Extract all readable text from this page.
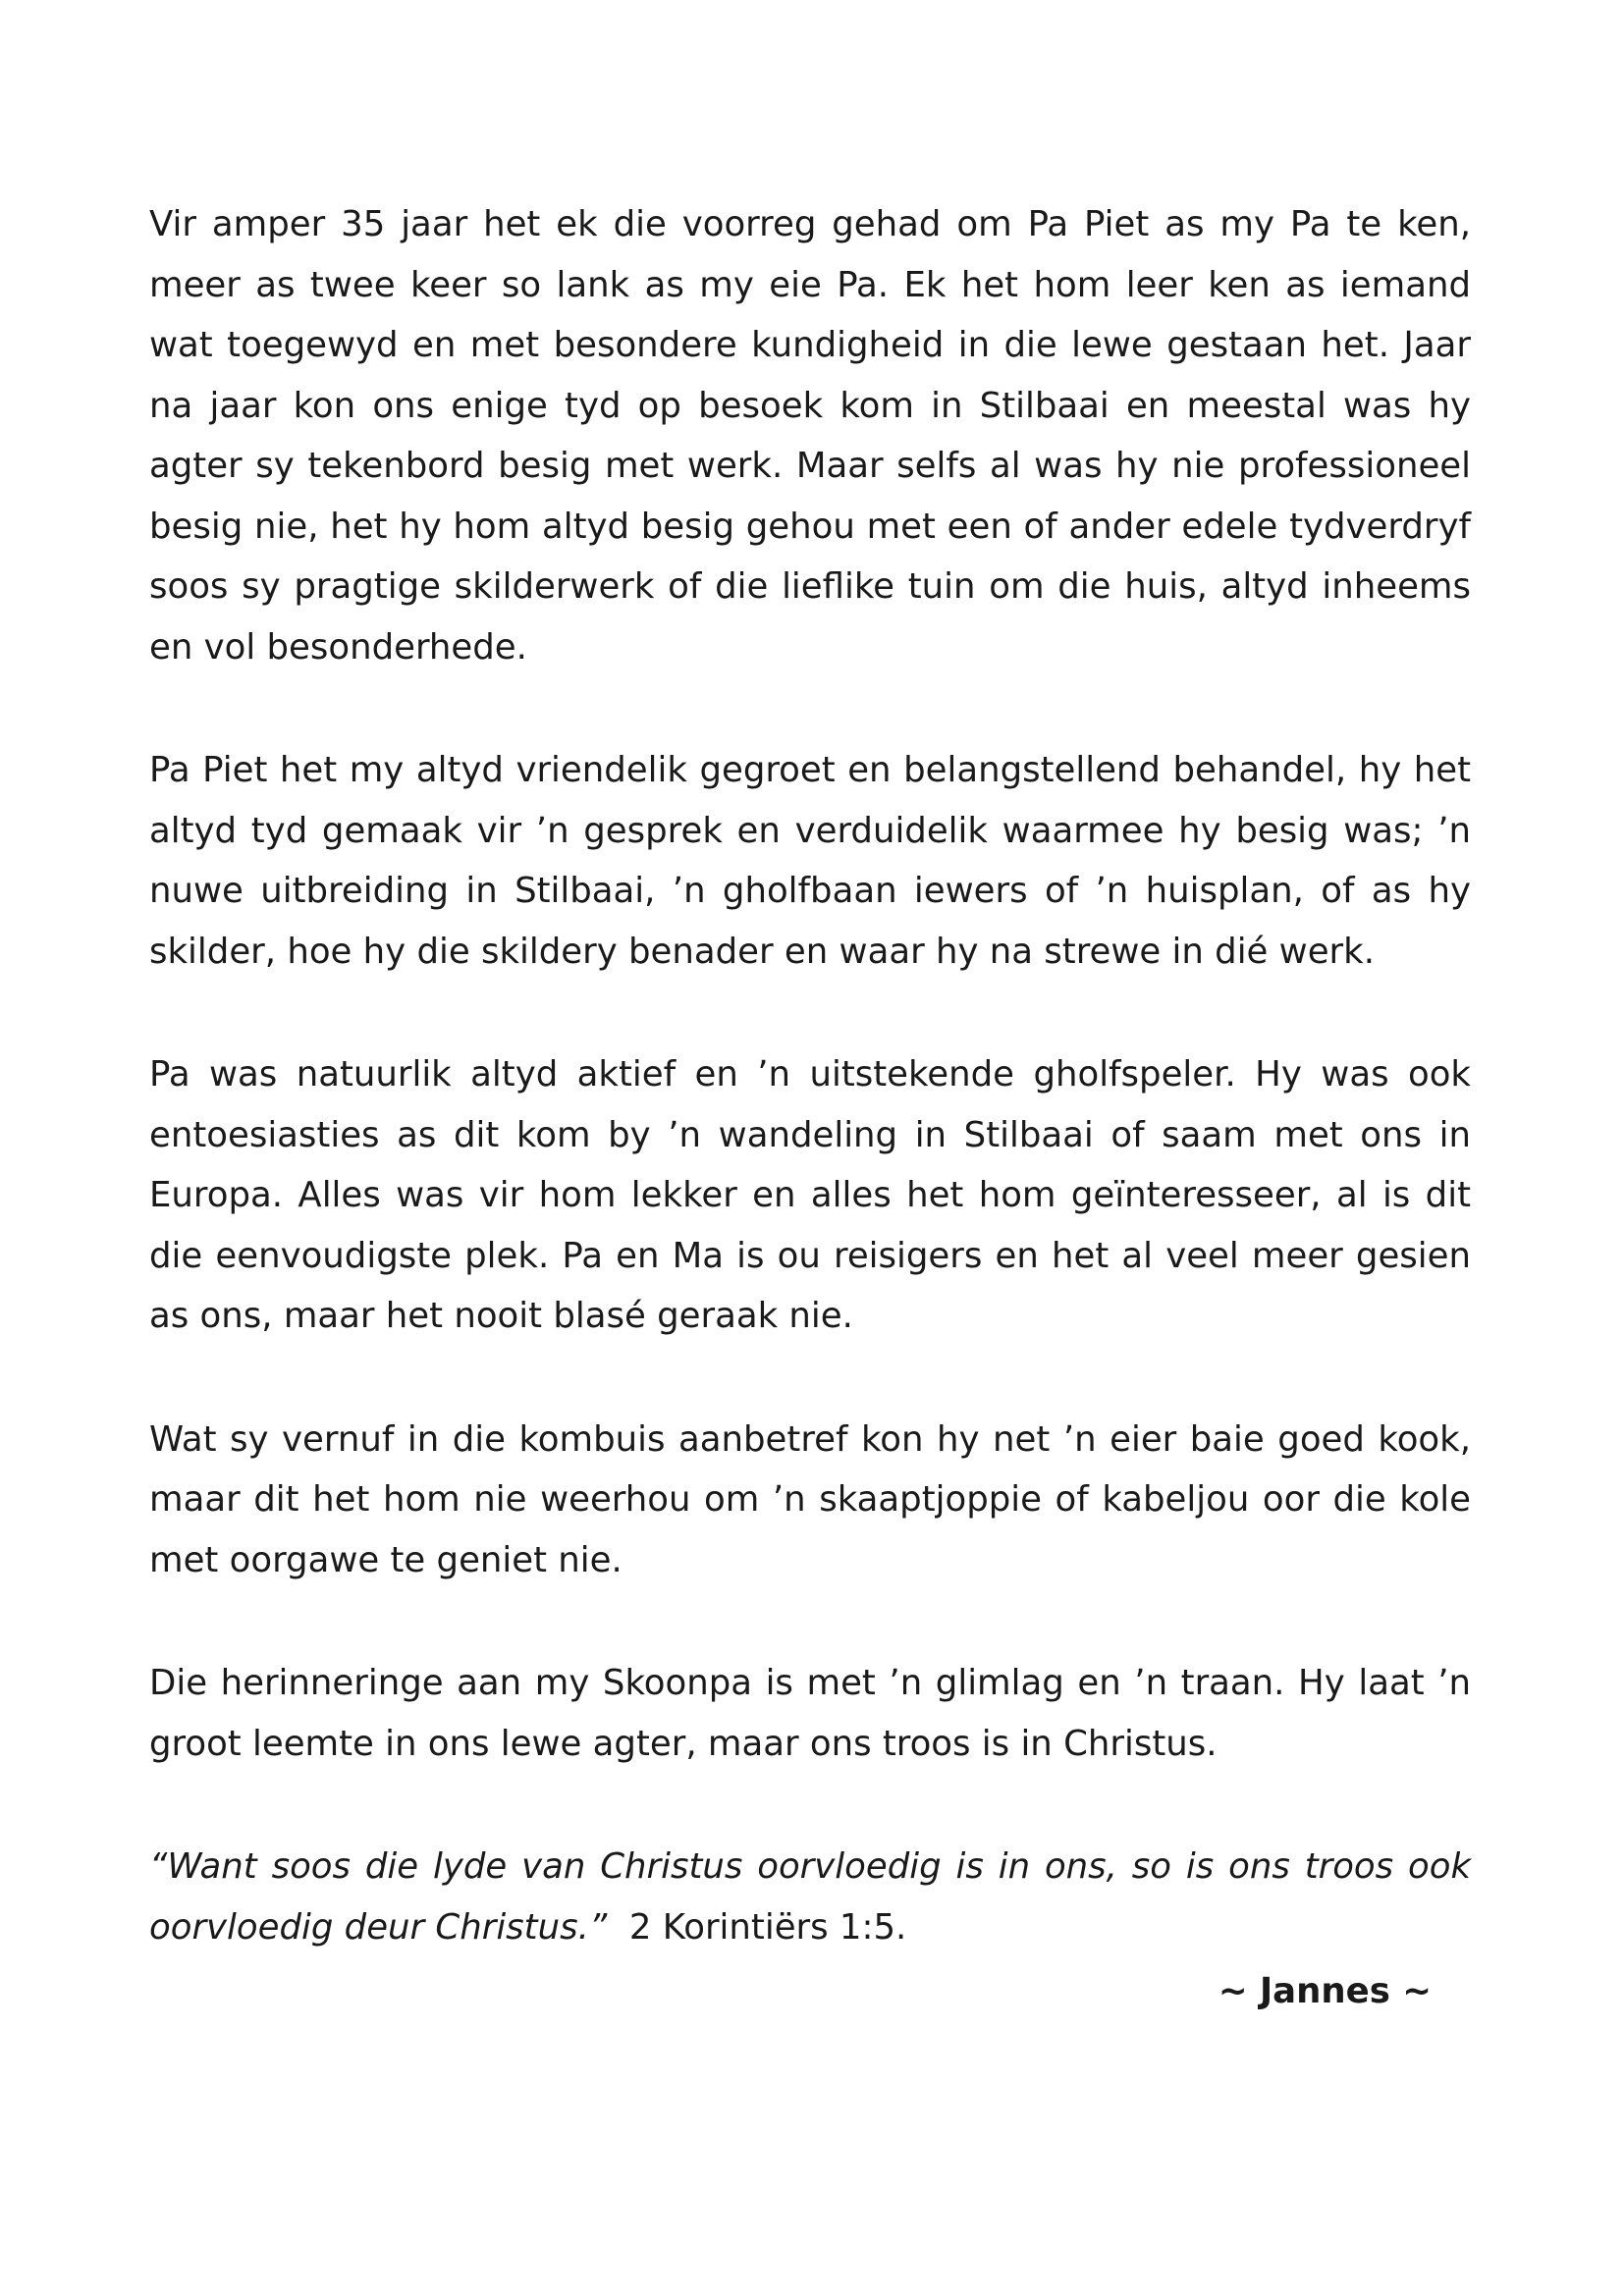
Vir amper 35 jaar het ek die voorreg gehad om Pa Piet as my Pa te ken, meer as twee keer so lank as my eie Pa. Ek het hom leer ken as iemand wat toegewyd en met besondere kundigheid in die lewe gestaan het. Jaar na jaar kon ons enige tyd op besoek kom in Stilbaai en meestal was hy agter sy tekenbord besig met werk. Maar selfs al was hy nie professioneel besig nie, het hy hom altyd besig gehou met een of ander edele tydverdryf soos sy pragtige skilderwerk of die lieflike tuin om die huis, altyd inheems en vol besonderhede.

Pa Piet het my altyd vriendelik gegroet en belangstellend behandel, hy het altyd tyd gemaak vir ’n gesprek en verduidelik waarmee hy besig was; ’n nuwe uitbreiding in Stilbaai, ’n gholfbaan iewers of ’n huisplan, of as hy skilder, hoe hy die skildery benader en waar hy na strewe in dié werk.

Pa was natuurlik altyd aktief en ’n uitstekende gholfspeler. Hy was ook entoesiasties as dit kom by ’n wandeling in Stilbaai of saam met ons in Europa. Alles was vir hom lekker en alles het hom geïnteresseer, al is dit die eenvoudigste plek. Pa en Ma is ou reisigers en het al veel meer gesien as ons, maar het nooit blasé geraak nie.

Wat sy vernuf in die kombuis aanbetref kon hy net ’n eier baie goed kook, maar dit het hom nie weerhou om ’n skaaptjoppie of kabeljou oor die kole met oorgawe te geniet nie.

Die herinneringe aan my Skoonpa is met ’n glimlag en ’n traan. Hy laat ’n groot leemte in ons lewe agter, maar ons troos is in Christus.

“Want soos die lyde van Christus oorvloedig is in ons, so is ons troos ook oorvloedig deur Christus.”  2 Korintiërs 1:5.

~ Jannes ~
